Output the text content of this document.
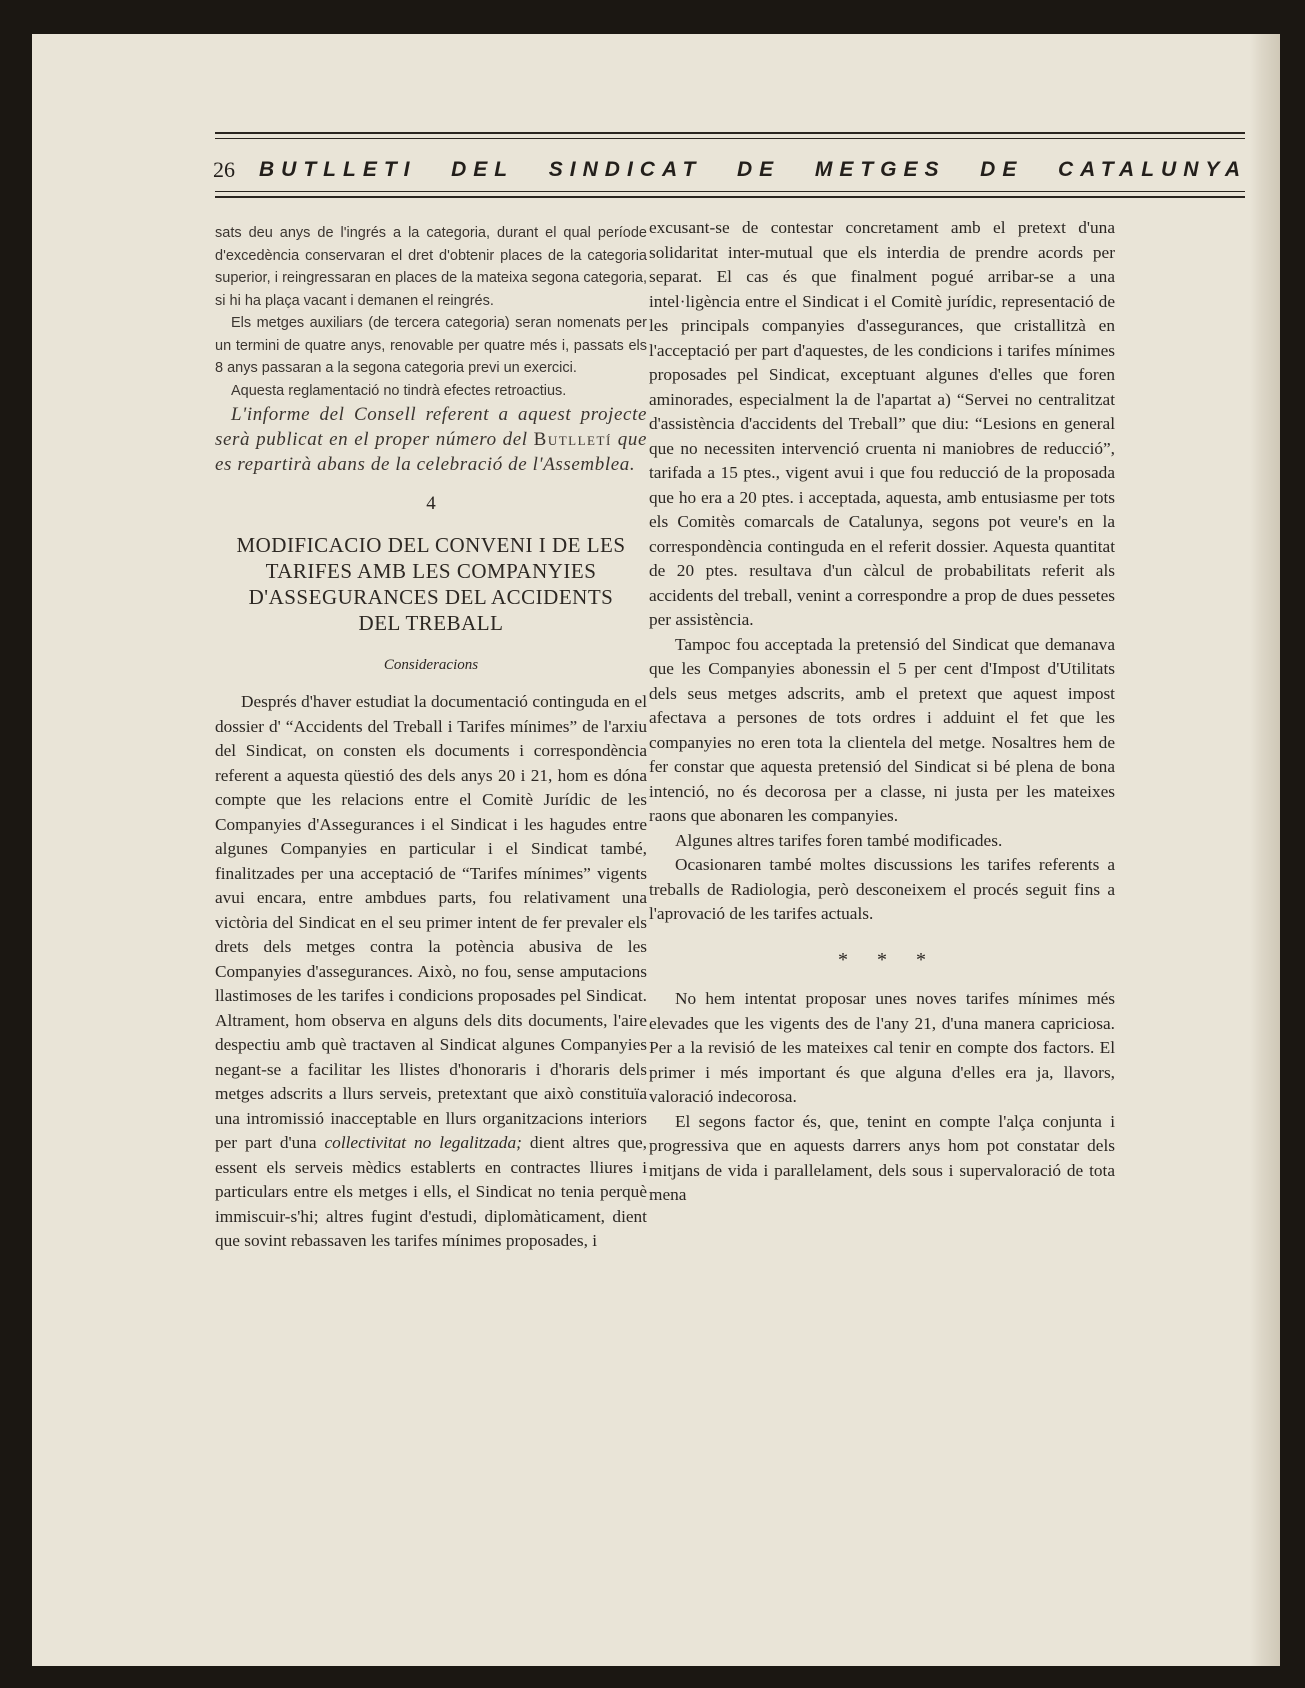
26 BUTLLETI DEL SINDICAT DE METGES DE CATALUNYA

sats deu anys de l'ingrés a la categoria, durant el qual període d'excedència conservaran el dret d'obtenir places de la categoria superior, i reingressaran en places de la mateixa segona categoria, si hi ha plaça vacant i demanen el reingrés.

Els metges auxiliars (de tercera categoria) seran nomenats per un termini de quatre anys, renovable per quatre més i, passats els 8 anys passaran a la segona categoria previ un exercici.

Aquesta reglamentació no tindrà efectes retroactius.

L'informe del Consell referent a aquest projecte serà publicat en el proper número del Butlletí que es repartirà abans de la celebració de l'Assemblea.

4
MODIFICACIO DEL CONVENI I DE LES
TARIFES AMB LES COMPANYIES
D'ASSEGURANCES DEL ACCIDENTS
DEL TREBALL
Consideracions

Després d'haver estudiat la documentació continguda en el dossier d' “Accidents del Treball i Tarifes mínimes” de l'arxiu del Sindicat, on consten els documents i correspondència referent a aquesta qüestió des dels anys 20 i 21, hom es dóna compte que les relacions entre el Comitè Jurídic de les Companyies d'Assegurances i el Sindicat i les hagudes entre algunes Companyies en particular i el Sindicat també, finalitzades per una acceptació de “Tarifes mínimes” vigents avui encara, entre ambdues parts, fou relativament una victòria del Sindicat en el seu primer intent de fer prevaler els drets dels metges contra la potència abusiva de les Companyies d'assegurances. Això, no fou, sense amputacions llastimoses de les tarifes i condicions proposades pel Sindicat. Altrament, hom observa en alguns dels dits documents, l'aire despectiu amb què tractaven al Sindicat algunes Companyies negant-se a facilitar les llistes d'honoraris i d'horaris dels metges adscrits a llurs serveis, pretextant que això constituïa una intromissió inacceptable en llurs organitzacions interiors per part d'una collectivitat no legalitzada; dient altres que, essent els serveis mèdics establerts en contractes lliures i particulars entre els metges i ells, el Sindicat no tenia perquè immiscuir-s'hi; altres fugint d'estudi, diplomàticament, dient que sovint rebassaven les tarifes mínimes proposades, i

excusant-se de contestar concretament amb el pretext d'una solidaritat inter-mutual que els interdia de prendre acords per separat. El cas és que finalment pogué arribar-se a una intel·ligència entre el Sindicat i el Comitè jurídic, representació de les principals companyies d'assegurances, que cristallitzà en l'acceptació per part d'aquestes, de les condicions i tarifes mínimes proposades pel Sindicat, exceptuant algunes d'elles que foren aminorades, especialment la de l'apartat a) “Servei no centralitzat d'assistència d'accidents del Treball” que diu: “Lesions en general que no necessiten intervenció cruenta ni maniobres de reducció”, tarifada a 15 ptes., vigent avui i que fou reducció de la proposada que ho era a 20 ptes. i acceptada, aquesta, amb entusiasme per tots els Comitès comarcals de Catalunya, segons pot veure's en la correspondència continguda en el referit dossier. Aquesta quantitat de 20 ptes. resultava d'un càlcul de probabilitats referit als accidents del treball, venint a correspondre a prop de dues pessetes per assistència.

Tampoc fou acceptada la pretensió del Sindicat que demanava que les Companyies abonessin el 5 per cent d'Impost d'Utilitats dels seus metges adscrits, amb el pretext que aquest impost afectava a persones de tots ordres i adduint el fet que les companyies no eren tota la clientela del metge. Nosaltres hem de fer constar que aquesta pretensió del Sindicat si bé plena de bona intenció, no és decorosa per a classe, ni justa per les mateixes raons que abonaren les companyies.

Algunes altres tarifes foren també modificades.

Ocasionaren també moltes discussions les tarifes referents a treballs de Radiologia, però desconeixem el procés seguit fins a l'aprovació de les tarifes actuals.

* * *

No hem intentat proposar unes noves tarifes mínimes més elevades que les vigents des de l'any 21, d'una manera capriciosa. Per a la revisió de les mateixes cal tenir en compte dos factors. El primer i més important és que alguna d'elles era ja, llavors, valoració indecorosa.

El segons factor és, que, tenint en compte l'alça conjunta i progressiva que en aquests darrers anys hom pot constatar dels mitjans de vida i parallelament, dels sous i supervaloració de tota mena
